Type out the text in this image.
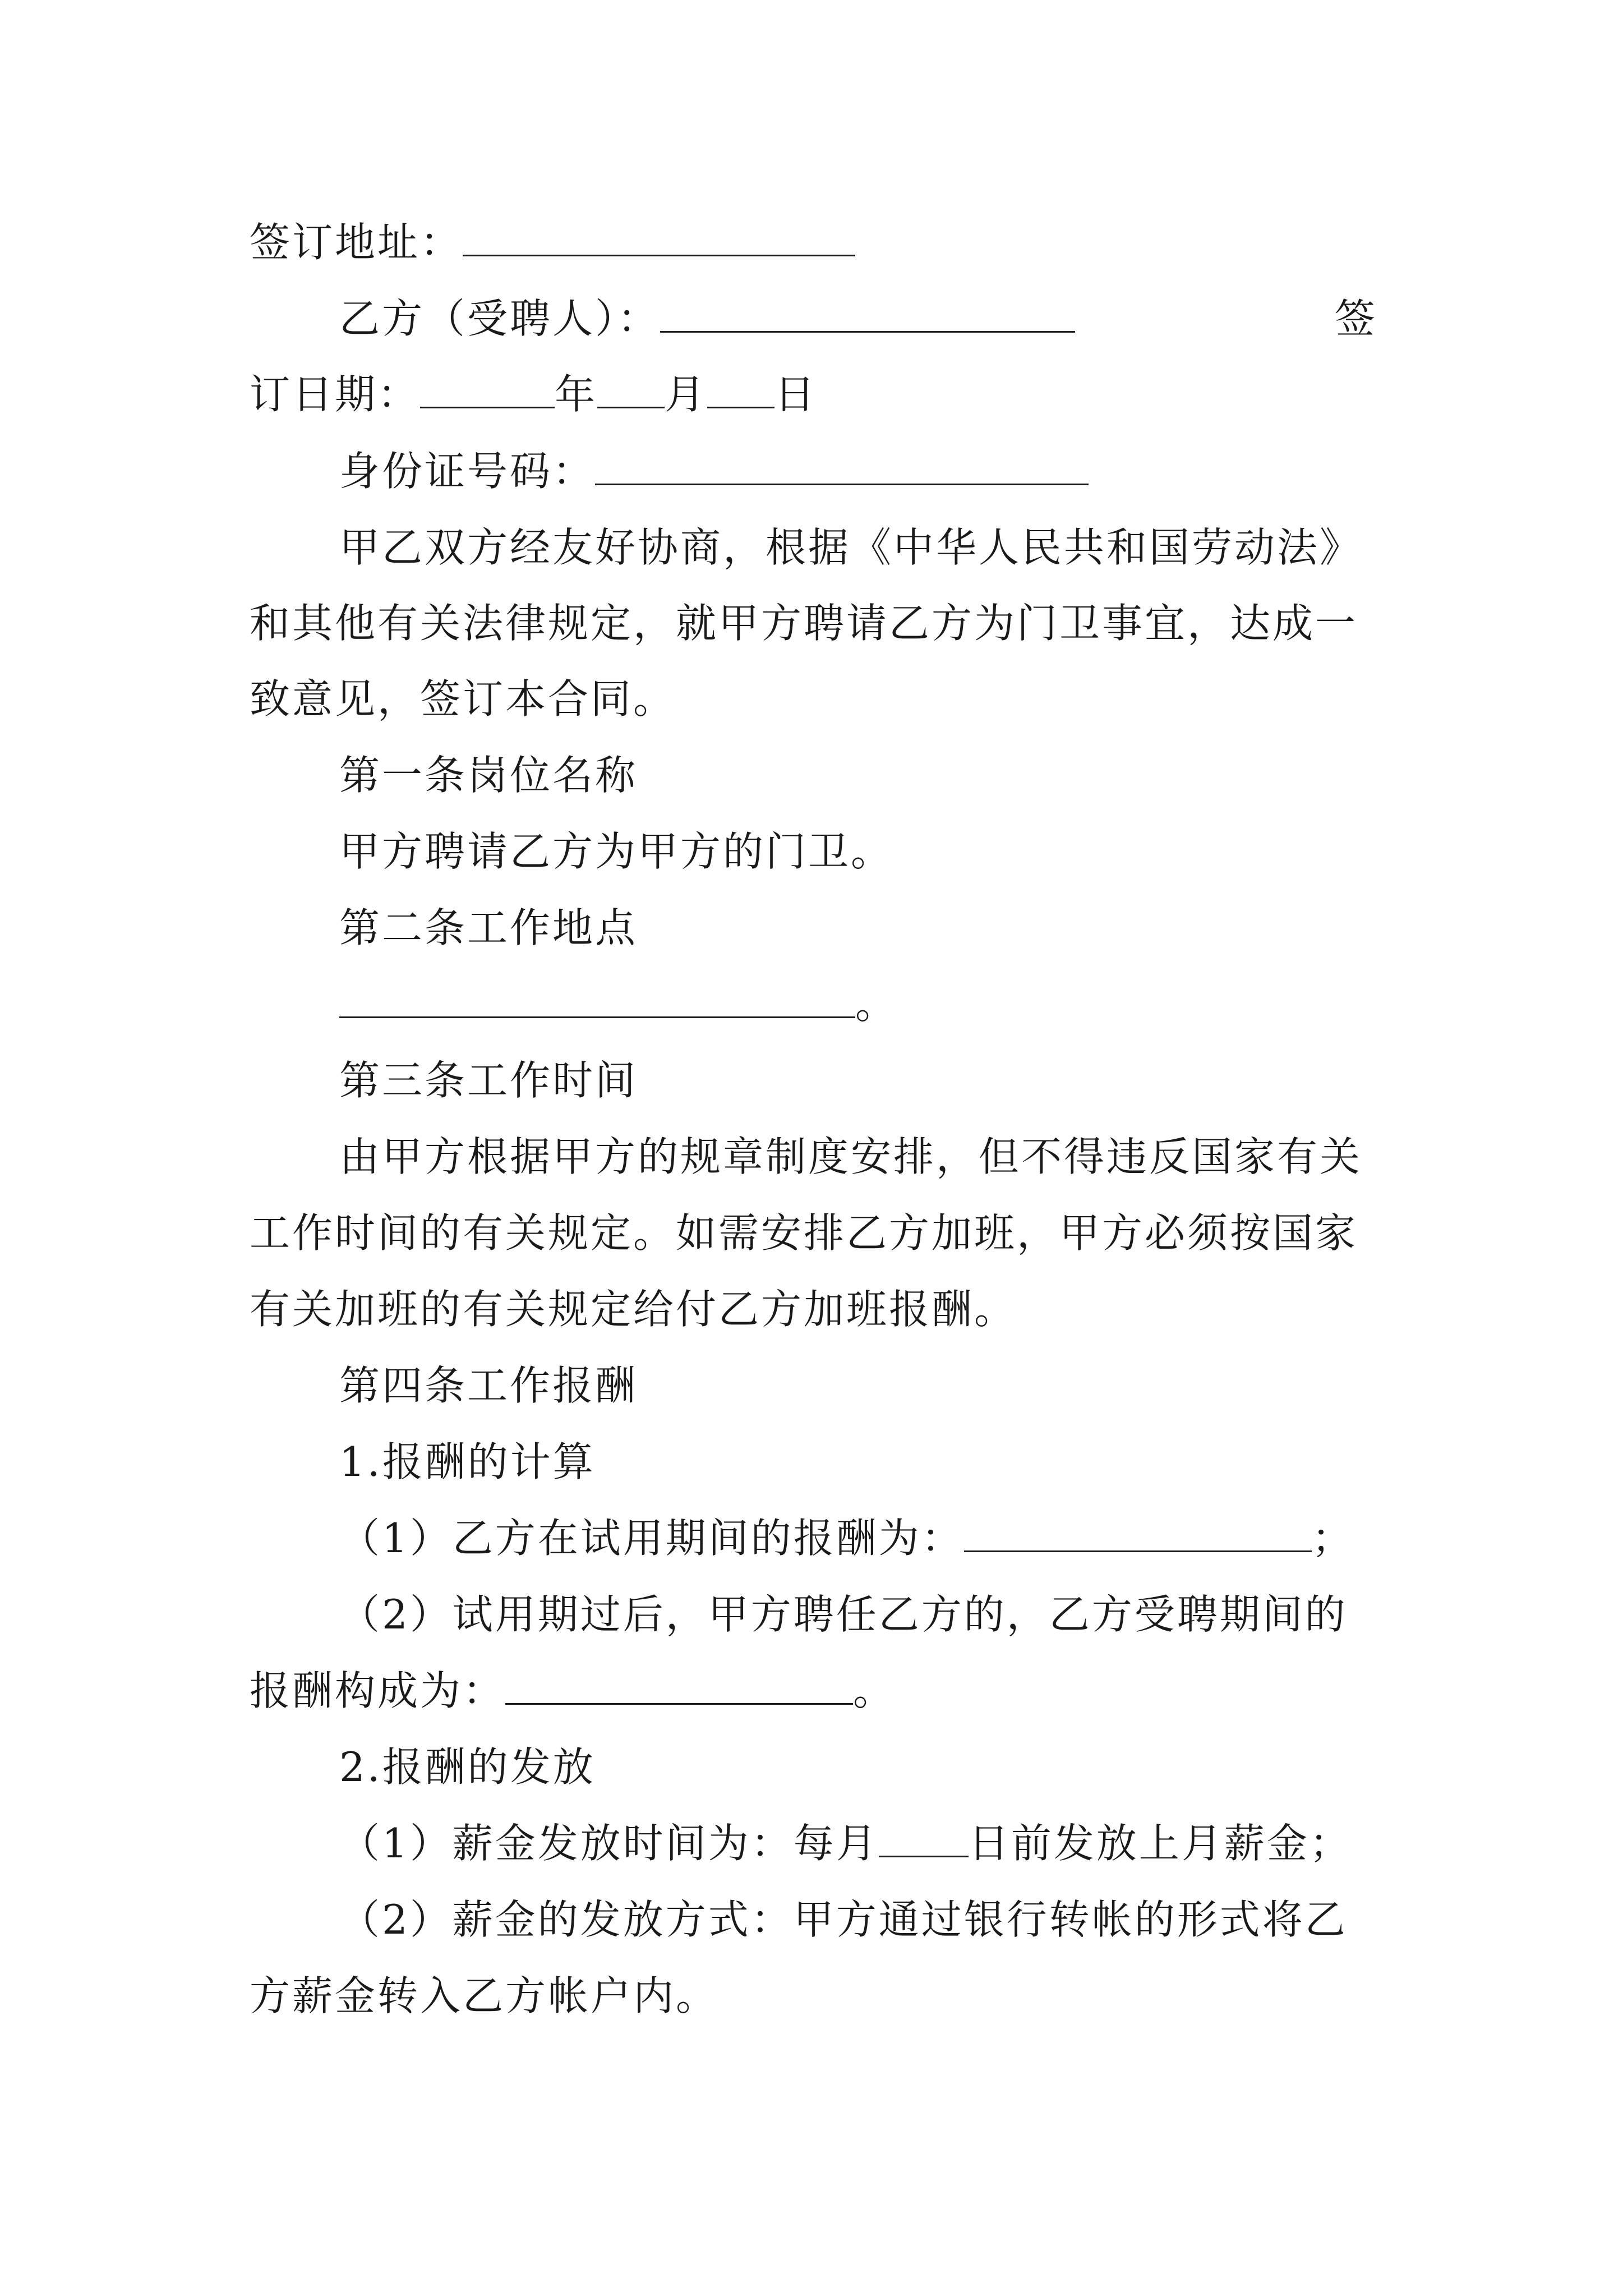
签订地址：
乙方（受聘人）：	签
订日期：	年 月 日
身份证号码：
甲乙双方经友好协商，根据《中华人民共和国劳动法》
和其他有关法律规定，就甲方聘请乙方为门卫事宜，达成一
致意见，签订本合同。
第一条岗位名称
甲方聘请乙方为甲方的门卫。
第二条工作地点
。
第三条工作时间
由甲方根据甲方的规章制度安排，但不得违反国家有关
工作时间的有关规定。如需安排乙方加班，甲方必须按国家
有关加班的有关规定给付乙方加班报酬。
第四条工作报酬
1.报酬的计算
（1）乙方在试用期间的报酬为：	；
（2）试用期过后，甲方聘任乙方的，乙方受聘期间的
报酬构成为：	。
2.报酬的发放
（1）薪金发放时间为：每月 日前发放上月薪金；
（2）薪金的发放方式：甲方通过银行转帐的形式将乙
方薪金转入乙方帐户内。
